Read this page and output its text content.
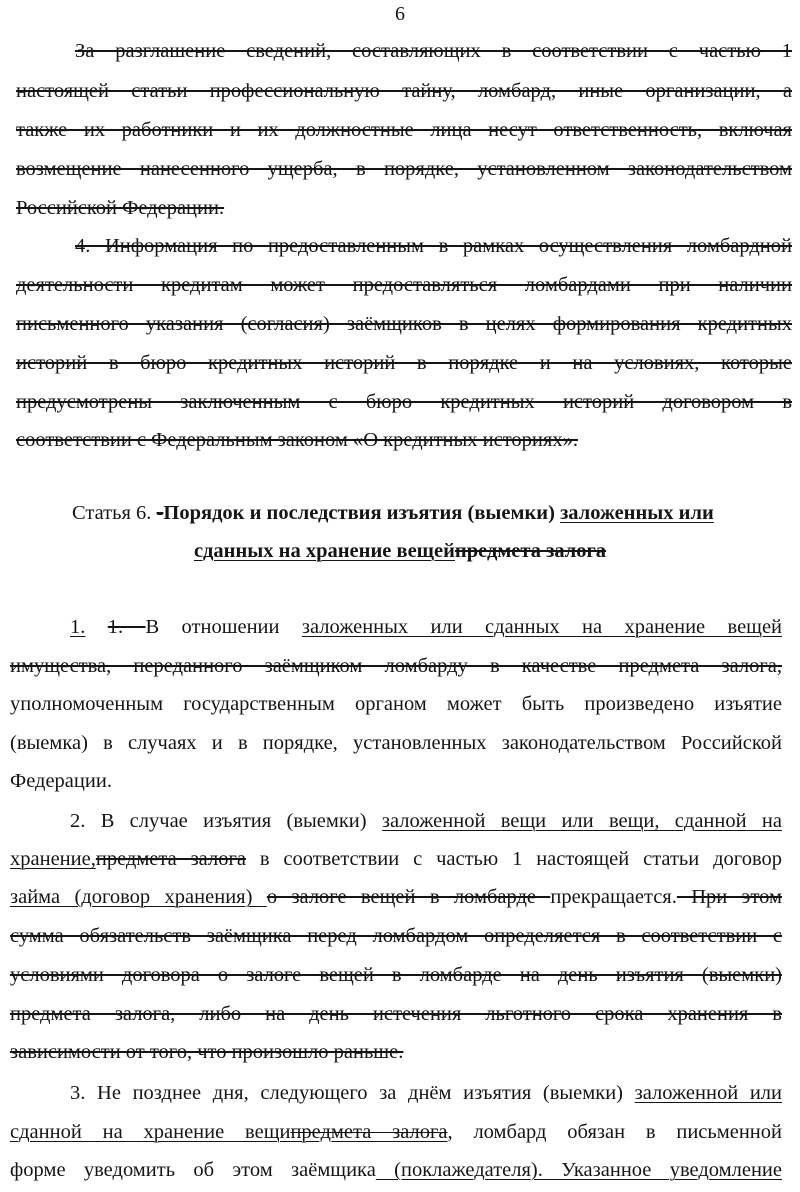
6
За разглашение сведений, составляющих в соответствии с частью 1
настоящей статьи профессиональную тайну, ломбард, иные организации, а
также их работники и их должностные лица несут ответственность, включая
возмещение нанесенного ущерба, в порядке, установленном законодательством
Российской Федерации.
4. Информация по предоставленным в рамках осуществления ломбардной
деятельности кредитам может предоставляться ломбардами при наличии
письменного указания (согласия) заёмщиков в целях формирования кредитных
историй в бюро кредитных историй в порядке и на условиях, которые
предусмотрены заключенным с бюро кредитных историй договором в
соответствии с Федеральным законом «О кредитных историях».
Статья 6. -Порядок и последствия изъятия (выемки) заложенных или
сданных на хранение вещейпредмета залога
1. 1. В отношении заложенных или сданных на хранение вещей
имущества, переданного заёмщиком ломбарду в качестве предмета залога,
уполномоченным государственным органом может быть произведено изъятие
(выемка) в случаях и в порядке, установленных законодательством Российской
Федерации.
2. В случае изъятия (выемки) заложенной вещи или вещи, сданной на
хранение,предмета залога в соответствии с частью 1 настоящей статьи договор
займа (договор хранения) о залоге вещей в ломбарде прекращается. При этом
сумма обязательств заёмщика перед ломбардом определяется в соответствии с
условиями договора о залоге вещей в ломбарде на день изъятия (выемки)
предмета залога, либо на день истечения льготного срока хранения в
зависимости от того, что произошло раньше.
3. Не позднее дня, следующего за днём изъятия (выемки) заложенной или
сданной на хранение вещипредмета залога, ломбард обязан в письменной
форме уведомить об этом заёмщика (поклажедателя). Указанное уведомление
